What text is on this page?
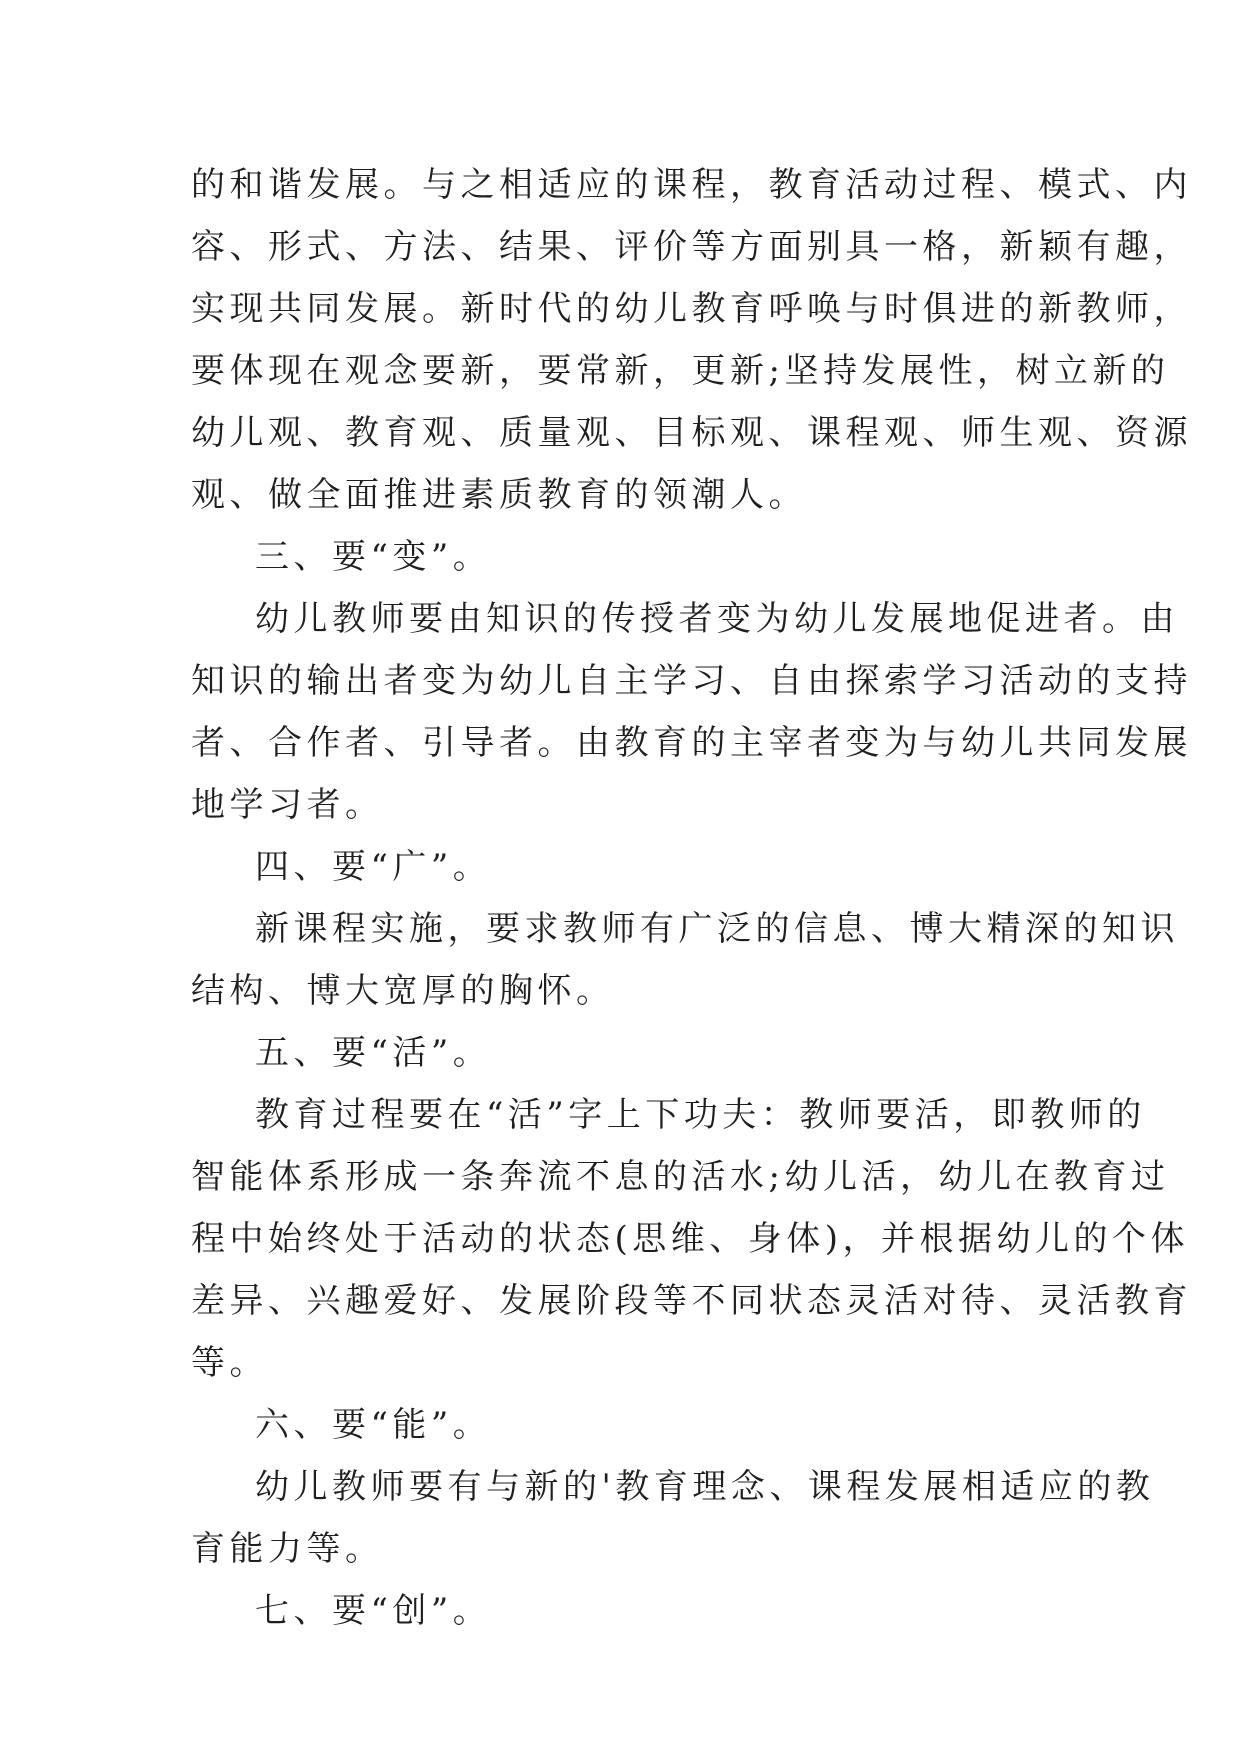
的和谐发展。与之相适应的课程，教育活动过程、模式、内
容、形式、方法、结果、评价等方面别具一格，新颖有趣，
实现共同发展。新时代的幼儿教育呼唤与时俱进的新教师，
要体现在观念要新，要常新，更新;坚持发展性，树立新的
幼儿观、教育观、质量观、目标观、课程观、师生观、资源
观、做全面推进素质教育的领潮人。
三、要“变”。
幼儿教师要由知识的传授者变为幼儿发展地促进者。由
知识的输出者变为幼儿自主学习、自由探索学习活动的支持
者、合作者、引导者。由教育的主宰者变为与幼儿共同发展
地学习者。
四、要“广”。
新课程实施，要求教师有广泛的信息、博大精深的知识
结构、博大宽厚的胸怀。
五、要“活”。
教育过程要在“活”字上下功夫：教师要活，即教师的
智能体系形成一条奔流不息的活水;幼儿活，幼儿在教育过
程中始终处于活动的状态(思维、身体)，并根据幼儿的个体
差异、兴趣爱好、发展阶段等不同状态灵活对待、灵活教育
等。
六、要“能”。
幼儿教师要有与新的'教育理念、课程发展相适应的教
育能力等。
七、要“创”。
